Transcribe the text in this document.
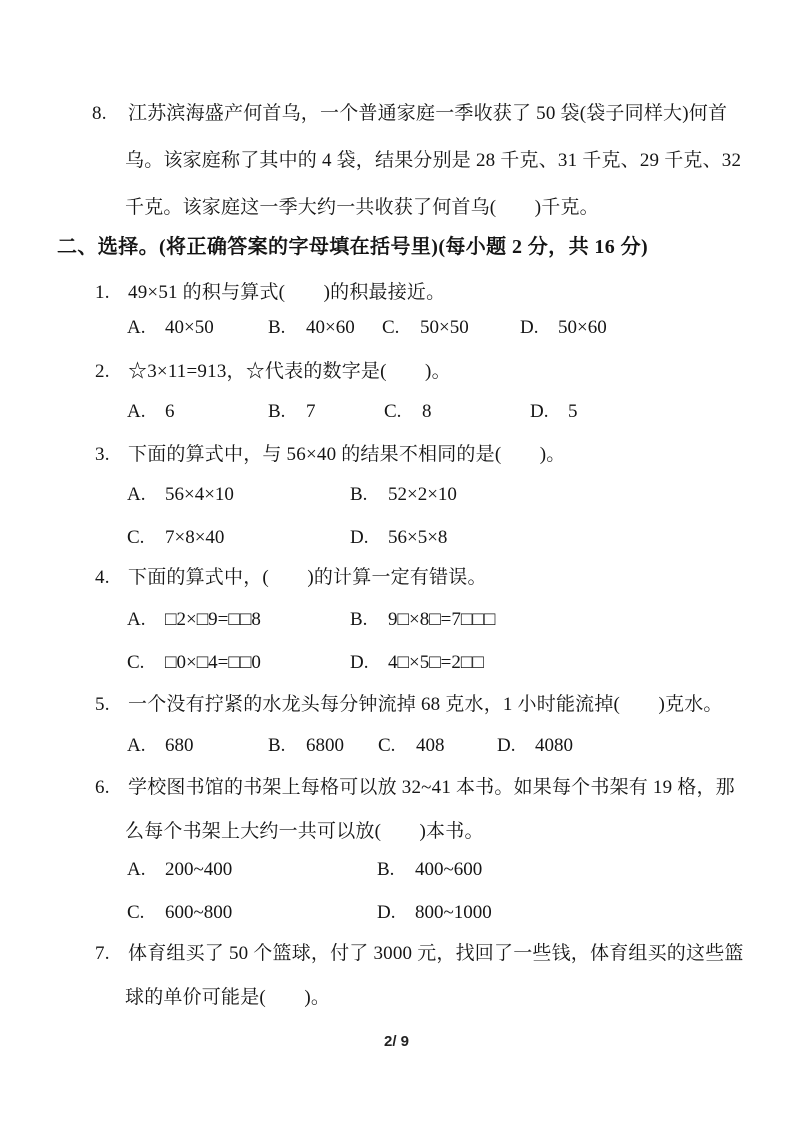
8. 江苏滨海盛产何首乌，一个普通家庭一季收获了 50 袋(袋子同样大)何首
乌。该家庭称了其中的 4 袋，结果分别是 28 千克、31 千克、29 千克、32
千克。该家庭这一季大约一共收获了何首乌(　　)千克。
二、选择。(将正确答案的字母填在括号里)(每小题 2 分，共 16 分)
1. 49×51 的积与算式(　　)的积最接近。
A. 40×50	B. 40×60 C. 50×50	D. 50×60
2. ☆3×11=913，☆代表的数字是(　　)。
A. 6	B. 7	C. 8	D. 5
3. 下面的算式中，与 56×40 的结果不相同的是(　　)。
A. 56×4×10	B. 52×2×10
C. 7×8×40	D. 56×5×8
4. 下面的算式中，(　　)的计算一定有错误。
A. □2×□9=□□8	B. 9□×8□=7□□□
C. □0×□4=□□0	D. 4□×5□=2□□
5. 一个没有拧紧的水龙头每分钟流掉 68 克水，1 小时能流掉(　　)克水。
A. 680	B. 6800 C. 408	D. 4080
6. 学校图书馆的书架上每格可以放 32~41 本书。如果每个书架有 19 格，那
么每个书架上大约一共可以放(　　)本书。
A. 200~400	B. 400~600
C. 600~800	D. 800~1000
7. 体育组买了 50 个篮球，付了 3000 元，找回了一些钱，体育组买的这些篮
球的单价可能是(　　)。
2/ 9
